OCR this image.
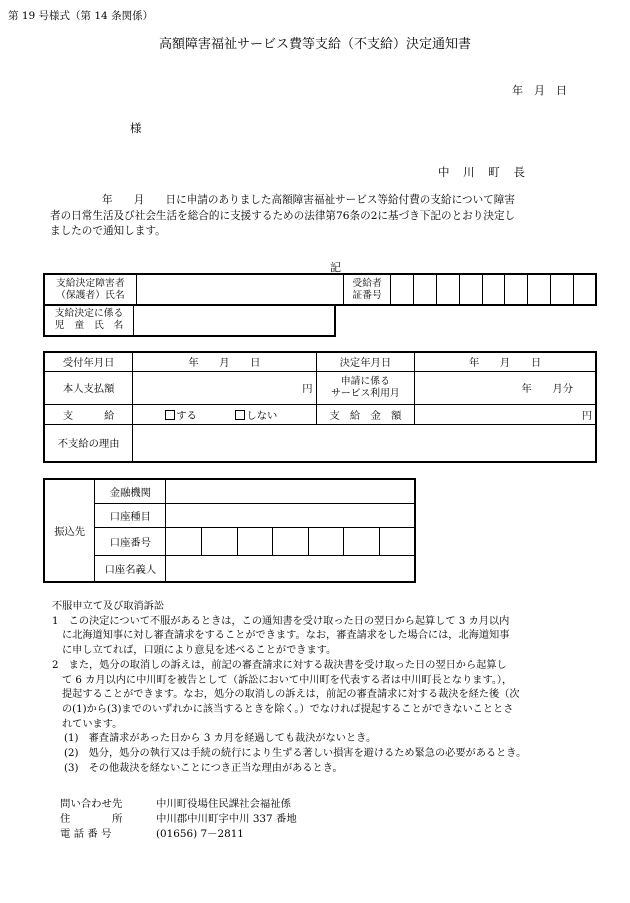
第 19 号様式（第 14 条関係）
高額障害福祉サービス費等支給（不支給）決定通知書
年　月　日
様
中 川 町 長
年　　月　　日に申請のありました高額障害福祉サービス等給付費の支給について障害
者の日常生活及び社会生活を総合的に支援するための法律第76条の2に基づき下記のとおり決定し
ましたので通知します。
記
支給決定障害者
（保護者）氏名		受給者
証番号									
支給決定に係る
児　童　氏　名	
受付年月日	年　　月　　日	決定年月日	年　　月　　日
本人支払額	円	申請に係る
サービス利用月	年　　月分
支　　　給	する しない	支　給　金　額	円
不支給の理由			
振込先	金融機関							
	口座種目							
	口座番号							
	口座名義人							

不服申立て及び取消訴訟

1　この決定について不服があるときは，この通知書を受け取った日の翌日から起算して 3 カ月以内

に北海道知事に対し審査請求をすることができます。なお，審査請求をした場合には，北海道知事

に申し立てれば，口頭により意見を述べることができます。

2　また，処分の取消しの訴えは，前記の審査請求に対する裁決書を受け取った日の翌日から起算し

て 6 カ月以内に中川町を被告として（訴訟において中川町を代表する者は中川町長となります。），

提起することができます。なお，処分の取消しの訴えは，前記の審査請求に対する裁決を経た後（次

の(1)から(3)までのいずれかに該当するときを除く。）でなければ提起することができないこととさ

れています。

(1)　審査請求があった日から 3 カ月を経過しても裁決がないとき。

(2)　処分，処分の執行又は手続の続行により生ずる著しい損害を避けるため緊急の必要があるとき。

(3)　その他裁決を経ないことにつき正当な理由があるとき。

問い合わせ先	中川町役場住民課社会福祉係
住　　　　所	中川郡中川町字中川 337 番地
電 話 番 号	(01656) 7－2811
